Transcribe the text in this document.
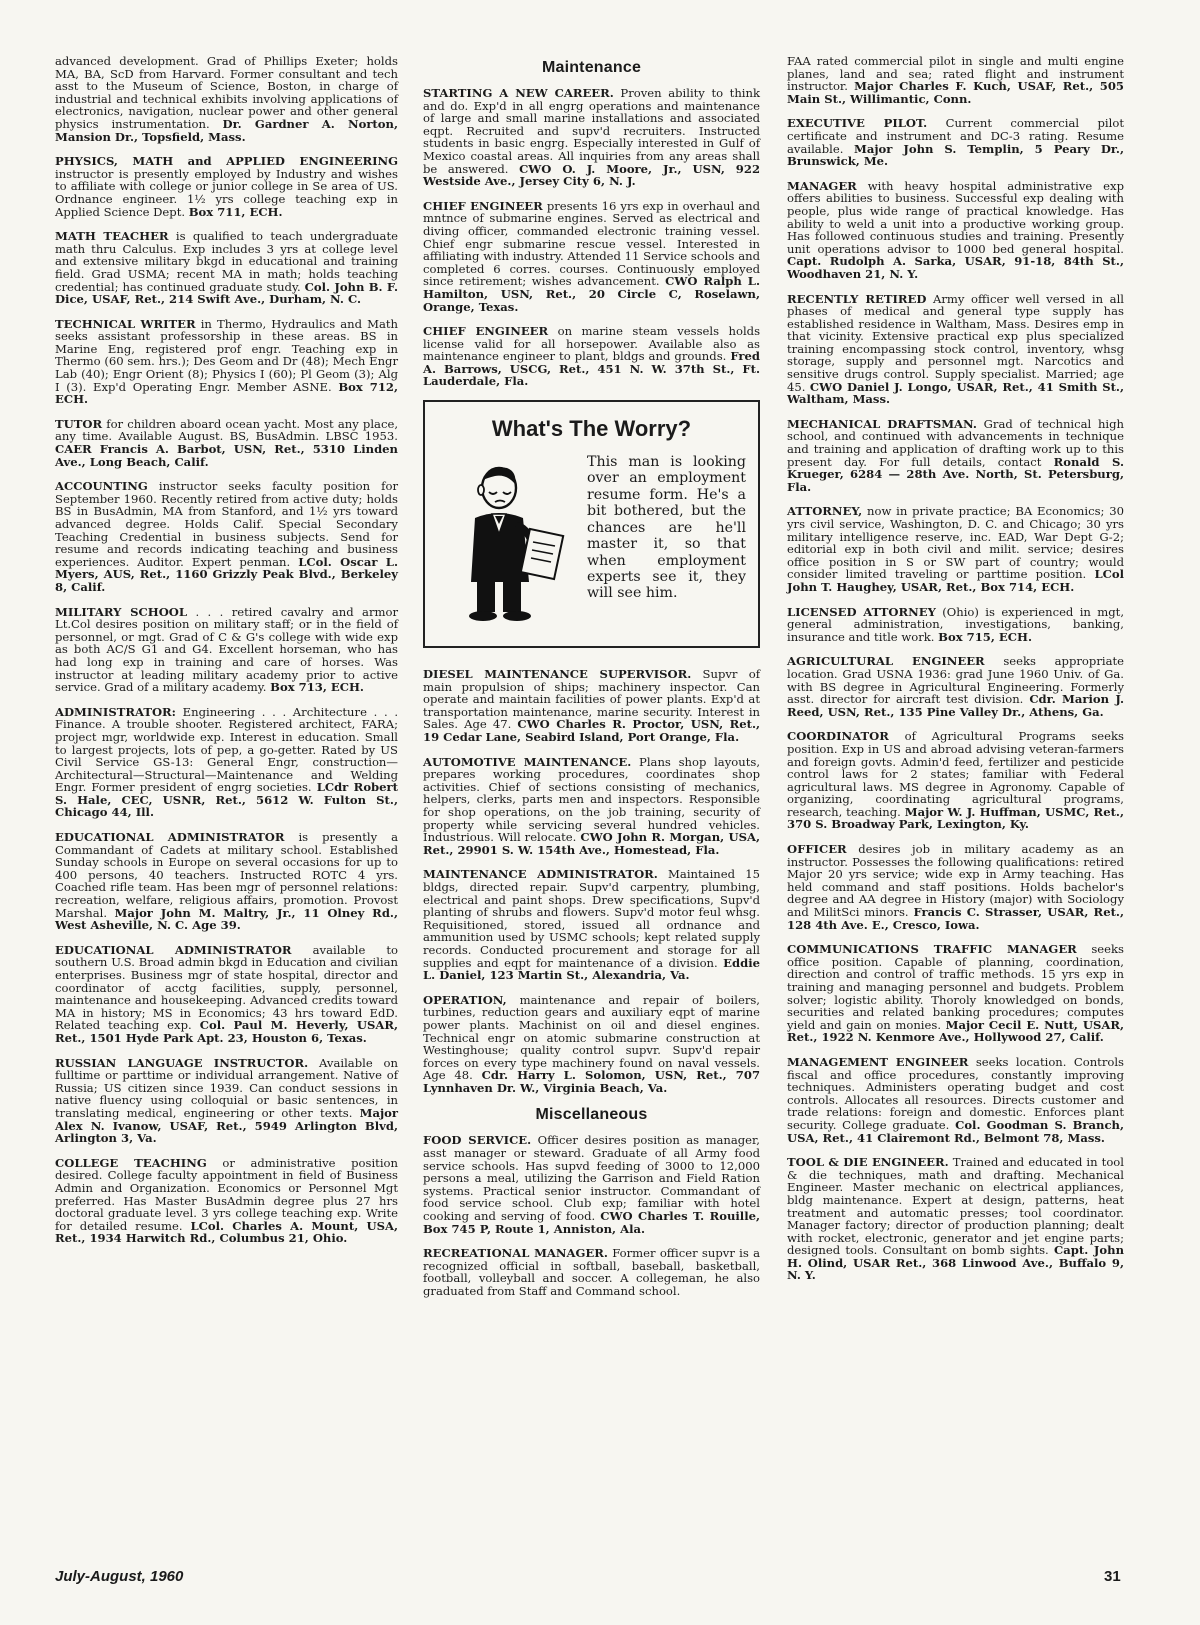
advanced development. Grad of Phillips Exeter; holds MA, BA, ScD from Harvard. Former consultant and tech asst to the Museum of Science, Boston, in charge of industrial and technical exhibits involving applications of electronics, navigation, nuclear power and other general physics instrumentation. Dr. Gardner A. Norton, Mansion Dr., Topsfield, Mass.

PHYSICS, MATH and APPLIED ENGINEERING instructor is presently employed by Industry and wishes to affiliate with college or junior college in Se area of US. Ordnance engineer. 1½ yrs college teaching exp in Applied Science Dept. Box 711, ECH.

MATH TEACHER is qualified to teach undergraduate math thru Calculus. Exp includes 3 yrs at college level and extensive military bkgd in educational and training field. Grad USMA; recent MA in math; holds teaching credential; has continued graduate study. Col. John B. F. Dice, USAF, Ret., 214 Swift Ave., Durham, N. C.

TECHNICAL WRITER in Thermo, Hydraulics and Math seeks assistant professorship in these areas. BS in Marine Eng, registered prof engr. Teaching exp in Thermo (60 sem. hrs.); Des Geom and Dr (48); Mech Engr Lab (40); Engr Orient (8); Physics I (60); Pl Geom (3); Alg I (3). Exp'd Operating Engr. Member ASNE. Box 712, ECH.

TUTOR for children aboard ocean yacht. Most any place, any time. Available August. BS, BusAdmin. LBSC 1953. CAER Francis A. Barbot, USN, Ret., 5310 Linden Ave., Long Beach, Calif.

ACCOUNTING instructor seeks faculty position for September 1960. Recently retired from active duty; holds BS in BusAdmin, MA from Stanford, and 1½ yrs toward advanced degree. Holds Calif. Special Secondary Teaching Credential in business subjects. Send for resume and records indicating teaching and business experiences. Auditor. Expert penman. LCol. Oscar L. Myers, AUS, Ret., 1160 Grizzly Peak Blvd., Berkeley 8, Calif.

MILITARY SCHOOL . . . retired cavalry and armor Lt.Col desires position on military staff; or in the field of personnel, or mgt. Grad of C & G's college with wide exp as both AC/S G1 and G4. Excellent horseman, who has had long exp in training and care of horses. Was instructor at leading military academy prior to active service. Grad of a military academy. Box 713, ECH.

ADMINISTRATOR: Engineering . . . Architecture . . . Finance. A trouble shooter. Registered architect, FARA; project mgr, worldwide exp. Interest in education. Small to largest projects, lots of pep, a go-getter. Rated by US Civil Service GS-13: General Engr, construction—Architectural—Structural—Maintenance and Welding Engr. Former president of engrg societies. LCdr Robert S. Hale, CEC, USNR, Ret., 5612 W. Fulton St., Chicago 44, Ill.

EDUCATIONAL ADMINISTRATOR is presently a Commandant of Cadets at military school. Established Sunday schools in Europe on several occasions for up to 400 persons, 40 teachers. Instructed ROTC 4 yrs. Coached rifle team. Has been mgr of personnel relations: recreation, welfare, religious affairs, promotion. Provost Marshal. Major John M. Maltry, Jr., 11 Olney Rd., West Asheville, N. C. Age 39.

EDUCATIONAL ADMINISTRATOR available to southern U.S. Broad admin bkgd in Education and civilian enterprises. Business mgr of state hospital, director and coordinator of acctg facilities, supply, personnel, maintenance and housekeeping. Advanced credits toward MA in history; MS in Economics; 43 hrs toward EdD. Related teaching exp. Col. Paul M. Heverly, USAR, Ret., 1501 Hyde Park Apt. 23, Houston 6, Texas.

RUSSIAN LANGUAGE INSTRUCTOR. Available on fulltime or parttime or individual arrangement. Native of Russia; US citizen since 1939. Can conduct sessions in native fluency using colloquial or basic sentences, in translating medical, engineering or other texts. Major Alex N. Ivanow, USAF, Ret., 5949 Arlington Blvd, Arlington 3, Va.

COLLEGE TEACHING or administrative position desired. College faculty appointment in field of Business Admin and Organization. Economics or Personnel Mgt preferred. Has Master BusAdmin degree plus 27 hrs doctoral graduate level. 3 yrs college teaching exp. Write for detailed resume. LCol. Charles A. Mount, USA, Ret., 1934 Harwitch Rd., Columbus 21, Ohio.

Maintenance

STARTING A NEW CAREER. Proven ability to think and do. Exp'd in all engrg operations and maintenance of large and small marine installations and associated eqpt. Recruited and supv'd recruiters. Instructed students in basic engrg. Especially interested in Gulf of Mexico coastal areas. All inquiries from any areas shall be answered. CWO O. J. Moore, Jr., USN, 922 Westside Ave., Jersey City 6, N. J.

CHIEF ENGINEER presents 16 yrs exp in overhaul and mntnce of submarine engines. Served as electrical and diving officer, commanded electronic training vessel. Chief engr submarine rescue vessel. Interested in affiliating with industry. Attended 11 Service schools and completed 6 corres. courses. Continuously employed since retirement; wishes advancement. CWO Ralph L. Hamilton, USN, Ret., 20 Circle C, Roselawn, Orange, Texas.

CHIEF ENGINEER on marine steam vessels holds license valid for all horsepower. Available also as maintenance engineer to plant, bldgs and grounds. Fred A. Barrows, USCG, Ret., 451 N. W. 37th St., Ft. Lauderdale, Fla.

What's The Worry?
This man is looking over an employment resume form. He's a bit bothered, but the chances are he'll master it, so that when employment experts see it, they will see him.

DIESEL MAINTENANCE SUPERVISOR. Supvr of main propulsion of ships; machinery inspector. Can operate and maintain facilities of power plants. Exp'd at transportation maintenance, marine security. Interest in Sales. Age 47. CWO Charles R. Proctor, USN, Ret., 19 Cedar Lane, Seabird Island, Port Orange, Fla.

AUTOMOTIVE MAINTENANCE. Plans shop layouts, prepares working procedures, coordinates shop activities. Chief of sections consisting of mechanics, helpers, clerks, parts men and inspectors. Responsible for shop operations, on the job training, security of property while servicing several hundred vehicles. Industrious. Will relocate. CWO John R. Morgan, USA, Ret., 29901 S. W. 154th Ave., Homestead, Fla.

MAINTENANCE ADMINISTRATOR. Maintained 15 bldgs, directed repair. Supv'd carpentry, plumbing, electrical and paint shops. Drew specifications, Supv'd planting of shrubs and flowers. Supv'd motor feul whsg. Requisitioned, stored, issued all ordnance and ammunition used by USMC schools; kept related supply records. Conducted procurement and storage for all supplies and eqpt for maintenance of a division. Eddie L. Daniel, 123 Martin St., Alexandria, Va.

OPERATION, maintenance and repair of boilers, turbines, reduction gears and auxiliary eqpt of marine power plants. Machinist on oil and diesel engines. Technical engr on atomic submarine construction at Westinghouse; quality control supvr. Supv'd repair forces on every type machinery found on naval vessels. Age 48. Cdr. Harry L. Solomon, USN, Ret., 707 Lynnhaven Dr. W., Virginia Beach, Va.

Miscellaneous

FOOD SERVICE. Officer desires position as manager, asst manager or steward. Graduate of all Army food service schools. Has supvd feeding of 3000 to 12,000 persons a meal, utilizing the Garrison and Field Ration systems. Practical senior instructor. Commandant of food service school. Club exp; familiar with hotel cooking and serving of food. CWO Charles T. Rouille, Box 745 P, Route 1, Anniston, Ala.

RECREATIONAL MANAGER. Former officer supvr is a recognized official in softball, baseball, basketball, football, volleyball and soccer. A collegeman, he also graduated from Staff and Command school.

FAA rated commercial pilot in single and multi engine planes, land and sea; rated flight and instrument instructor. Major Charles F. Kuch, USAF, Ret., 505 Main St., Willimantic, Conn.

EXECUTIVE PILOT. Current commercial pilot certificate and instrument and DC-3 rating. Resume available. Major John S. Templin, 5 Peary Dr., Brunswick, Me.

MANAGER with heavy hospital administrative exp offers abilities to business. Successful exp dealing with people, plus wide range of practical knowledge. Has ability to weld a unit into a productive working group. Has followed continuous studies and training. Presently unit operations advisor to 1000 bed general hospital. Capt. Rudolph A. Sarka, USAR, 91-18, 84th St., Woodhaven 21, N. Y.

RECENTLY RETIRED Army officer well versed in all phases of medical and general type supply has established residence in Waltham, Mass. Desires emp in that vicinity. Extensive practical exp plus specialized training encompassing stock control, inventory, whsg storage, supply and personnel mgt. Narcotics and sensitive drugs control. Supply specialist. Married; age 45. CWO Daniel J. Longo, USAR, Ret., 41 Smith St., Waltham, Mass.

MECHANICAL DRAFTSMAN. Grad of technical high school, and continued with advancements in technique and training and application of drafting work up to this present day. For full details, contact Ronald S. Krueger, 6284 — 28th Ave. North, St. Petersburg, Fla.

ATTORNEY, now in private practice; BA Economics; 30 yrs civil service, Washington, D. C. and Chicago; 30 yrs military intelligence reserve, inc. EAD, War Dept G-2; editorial exp in both civil and milit. service; desires office position in S or SW part of country; would consider limited traveling or parttime position. LCol John T. Haughey, USAR, Ret., Box 714, ECH.

LICENSED ATTORNEY (Ohio) is experienced in mgt, general administration, investigations, banking, insurance and title work. Box 715, ECH.

AGRICULTURAL ENGINEER seeks appropriate location. Grad USNA 1936: grad June 1960 Univ. of Ga. with BS degree in Agricultural Engineering. Formerly asst. director for aircraft test division. Cdr. Marion J. Reed, USN, Ret., 135 Pine Valley Dr., Athens, Ga.

COORDINATOR of Agricultural Programs seeks position. Exp in US and abroad advising veteran-farmers and foreign govts. Admin'd feed, fertilizer and pesticide control laws for 2 states; familiar with Federal agricultural laws. MS degree in Agronomy. Capable of organizing, coordinating agricultural programs, research, teaching. Major W. J. Huffman, USMC, Ret., 370 S. Broadway Park, Lexington, Ky.

OFFICER desires job in military academy as an instructor. Possesses the following qualifications: retired Major 20 yrs service; wide exp in Army teaching. Has held command and staff positions. Holds bachelor's degree and AA degree in History (major) with Sociology and MilitSci minors. Francis C. Strasser, USAR, Ret., 128 4th Ave. E., Cresco, Iowa.

COMMUNICATIONS TRAFFIC MANAGER seeks office position. Capable of planning, coordination, direction and control of traffic methods. 15 yrs exp in training and managing personnel and budgets. Problem solver; logistic ability. Thoroly knowledged on bonds, securities and related banking procedures; computes yield and gain on monies. Major Cecil E. Nutt, USAR, Ret., 1922 N. Kenmore Ave., Hollywood 27, Calif.

MANAGEMENT ENGINEER seeks location. Controls fiscal and office procedures, constantly improving techniques. Administers operating budget and cost controls. Allocates all resources. Directs customer and trade relations: foreign and domestic. Enforces plant security. College graduate. Col. Goodman S. Branch, USA, Ret., 41 Clairemont Rd., Belmont 78, Mass.

TOOL & DIE ENGINEER. Trained and educated in tool & die techniques, math and drafting. Mechanical Engineer. Master mechanic on electrical appliances, bldg maintenance. Expert at design, patterns, heat treatment and automatic presses; tool coordinator. Manager factory; director of production planning; dealt with rocket, electronic, generator and jet engine parts; designed tools. Consultant on bomb sights. Capt. John H. Olind, USAR Ret., 368 Linwood Ave., Buffalo 9, N. Y.

July-August, 1960	31
